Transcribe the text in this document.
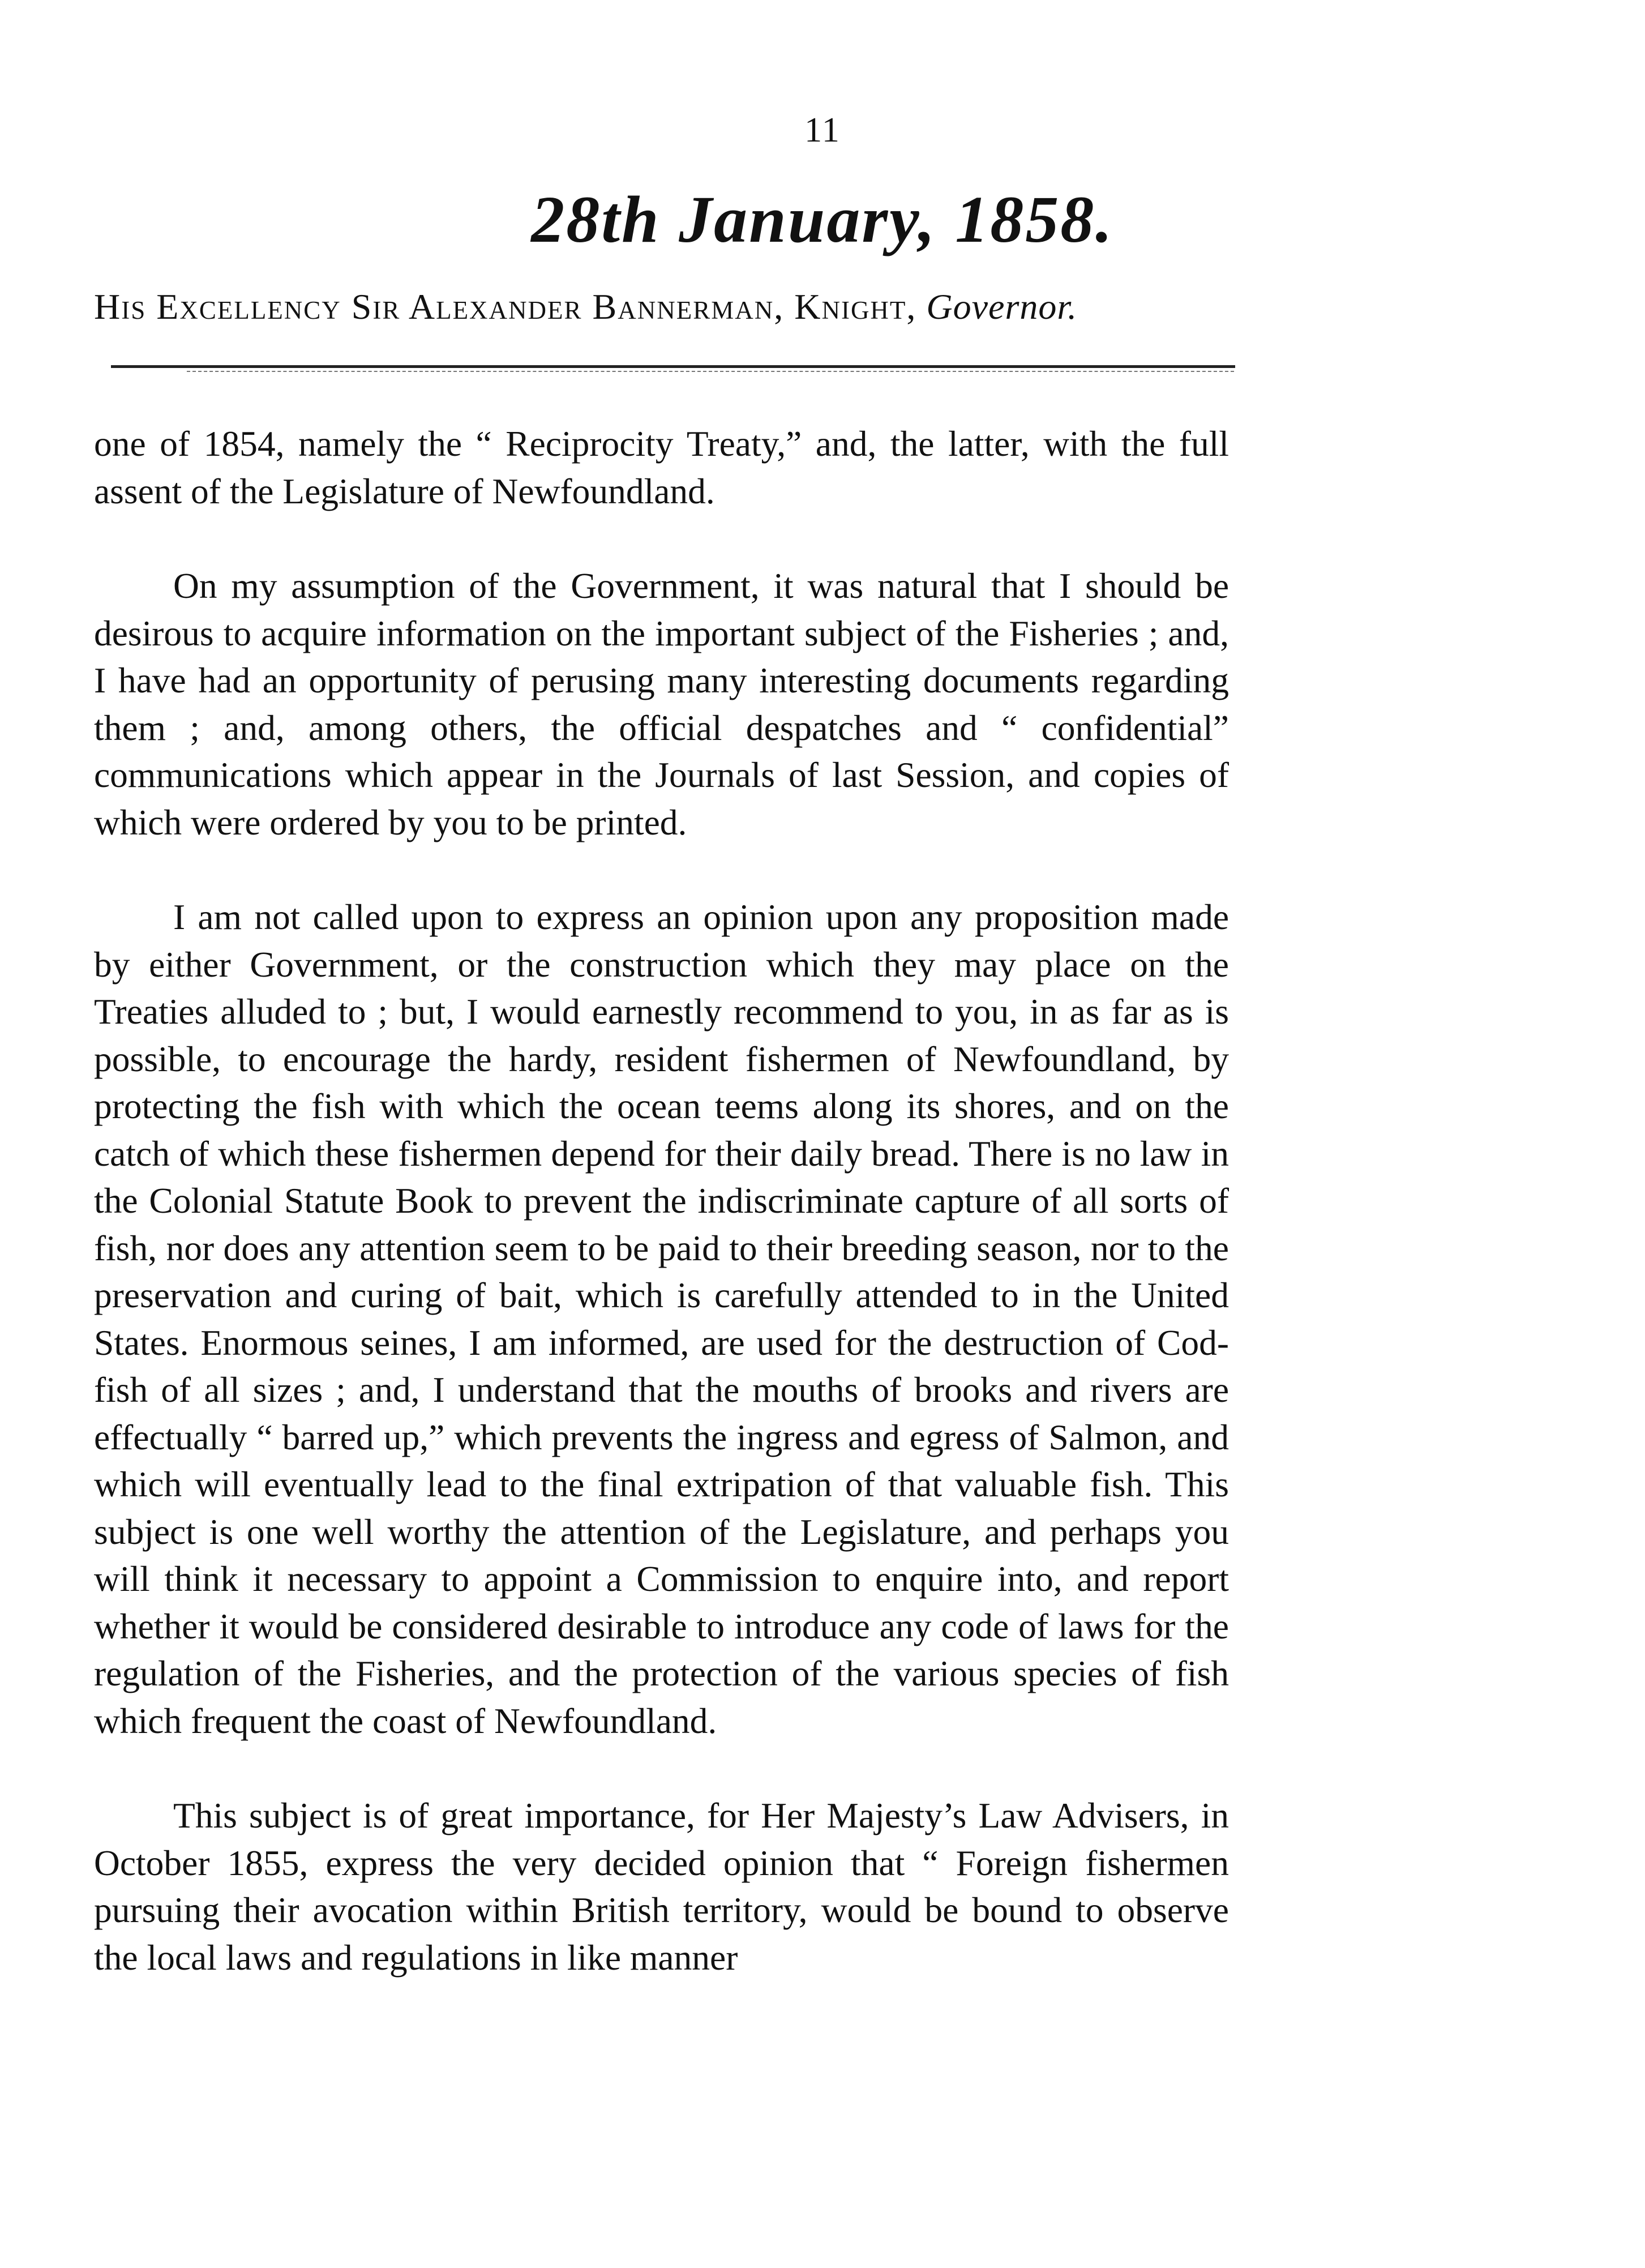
11
28th January, 1858.
His Excellency Sir Alexander Bannerman, Knight, Governor.

one of 1854, namely the “ Reciprocity Treaty,” and, the latter, with the full assent of the Legislature of Newfoundland.

On my assumption of the Government, it was natural that I should be desirous to acquire information on the important subject of the Fisheries ; and, I have had an opportunity of perusing many interesting documents regarding them ; and, among others, the official despatches and “ confidential” communications which appear in the Journals of last Session, and copies of which were ordered by you to be printed.

I am not called upon to express an opinion upon any proposition made by either Government, or the construction which they may place on the Treaties alluded to ; but, I would earnestly recommend to you, in as far as is possible, to encourage the hardy, resident fishermen of Newfoundland, by protecting the fish with which the ocean teems along its shores, and on the catch of which these fishermen depend for their daily bread. There is no law in the Colonial Statute Book to prevent the indiscriminate capture of all sorts of fish, nor does any attention seem to be paid to their breeding season, nor to the preservation and curing of bait, which is carefully attended to in the United States. Enormous seines, I am informed, are used for the destruction of Cod-fish of all sizes ; and, I understand that the mouths of brooks and rivers are effectually “ barred up,” which prevents the ingress and egress of Salmon, and which will eventually lead to the final extripation of that valuable fish. This subject is one well worthy the attention of the Legislature, and perhaps you will think it necessary to appoint a Commission to enquire into, and report whether it would be considered desirable to introduce any code of laws for the regulation of the Fisheries, and the protection of the various species of fish which frequent the coast of Newfoundland.

This subject is of great importance, for Her Majesty’s Law Advisers, in October 1855, express the very decided opinion that “ Foreign fishermen pursuing their avocation within British territory, would be bound to observe the local laws and regulations in like manner
